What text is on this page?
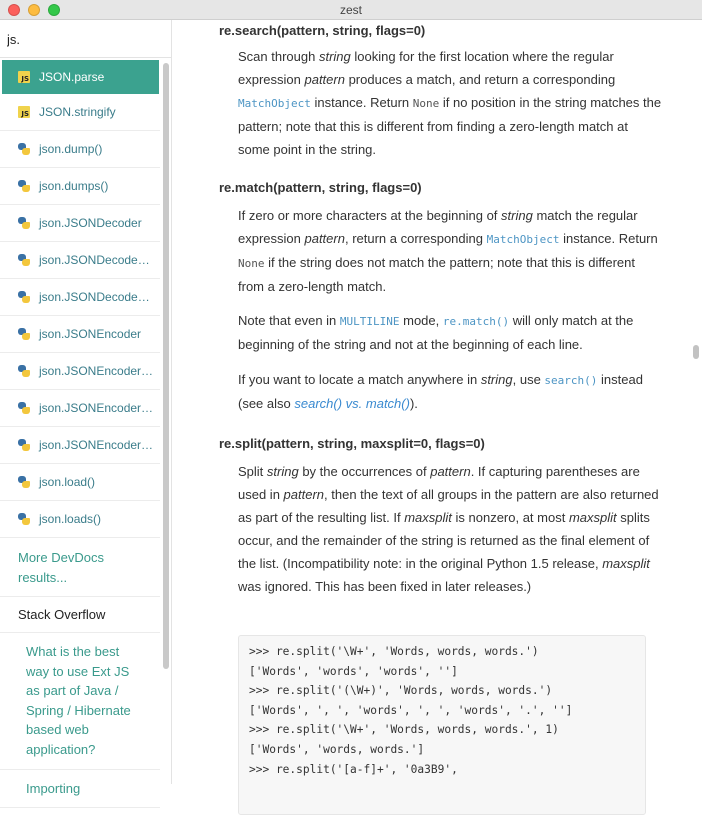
zest
js.
JS JSON.parse
JS JSON.stringify
json.dump()
json.dumps()
json.JSONDecoder
json.JSONDecode…
json.JSONDecode…
json.JSONEncoder
json.JSONEncoder…
json.JSONEncoder…
json.JSONEncoder…
json.load()
json.loads()
More DevDocs results...
Stack Overflow
What is the best way to use Ext JS as part of Java / Spring / Hibernate based web application?
Importing
re.search(pattern, string, flags=0)
Scan through string looking for the first location where the regular expression pattern produces a match, and return a corresponding MatchObject instance. Return None if no position in the string matches the pattern; note that this is different from finding a zero-length match at some point in the string.
re.match(pattern, string, flags=0)
If zero or more characters at the beginning of string match the regular expression pattern, return a corresponding MatchObject instance. Return None if the string does not match the pattern; note that this is different from a zero-length match.
Note that even in MULTILINE mode, re.match() will only match at the beginning of the string and not at the beginning of each line.
If you want to locate a match anywhere in string, use search() instead (see also search() vs. match()).
re.split(pattern, string, maxsplit=0, flags=0)
Split string by the occurrences of pattern. If capturing parentheses are used in pattern, then the text of all groups in the pattern are also returned as part of the resulting list. If maxsplit is nonzero, at most maxsplit splits occur, and the remainder of the string is returned as the final element of the list. (Incompatibility note: in the original Python 1.5 release, maxsplit was ignored. This has been fixed in later releases.)
>>> re.split('\W+', 'Words, words, words.')
['Words', 'words', 'words', '']
>>> re.split('(\W+)', 'Words, words, words.')
['Words', ', ', 'words', ', ', 'words', '.', '']
>>> re.split('\W+', 'Words, words, words.', 1)
['Words', 'words, words.']
>>> re.split('[a-f]+', '0a3B9',
